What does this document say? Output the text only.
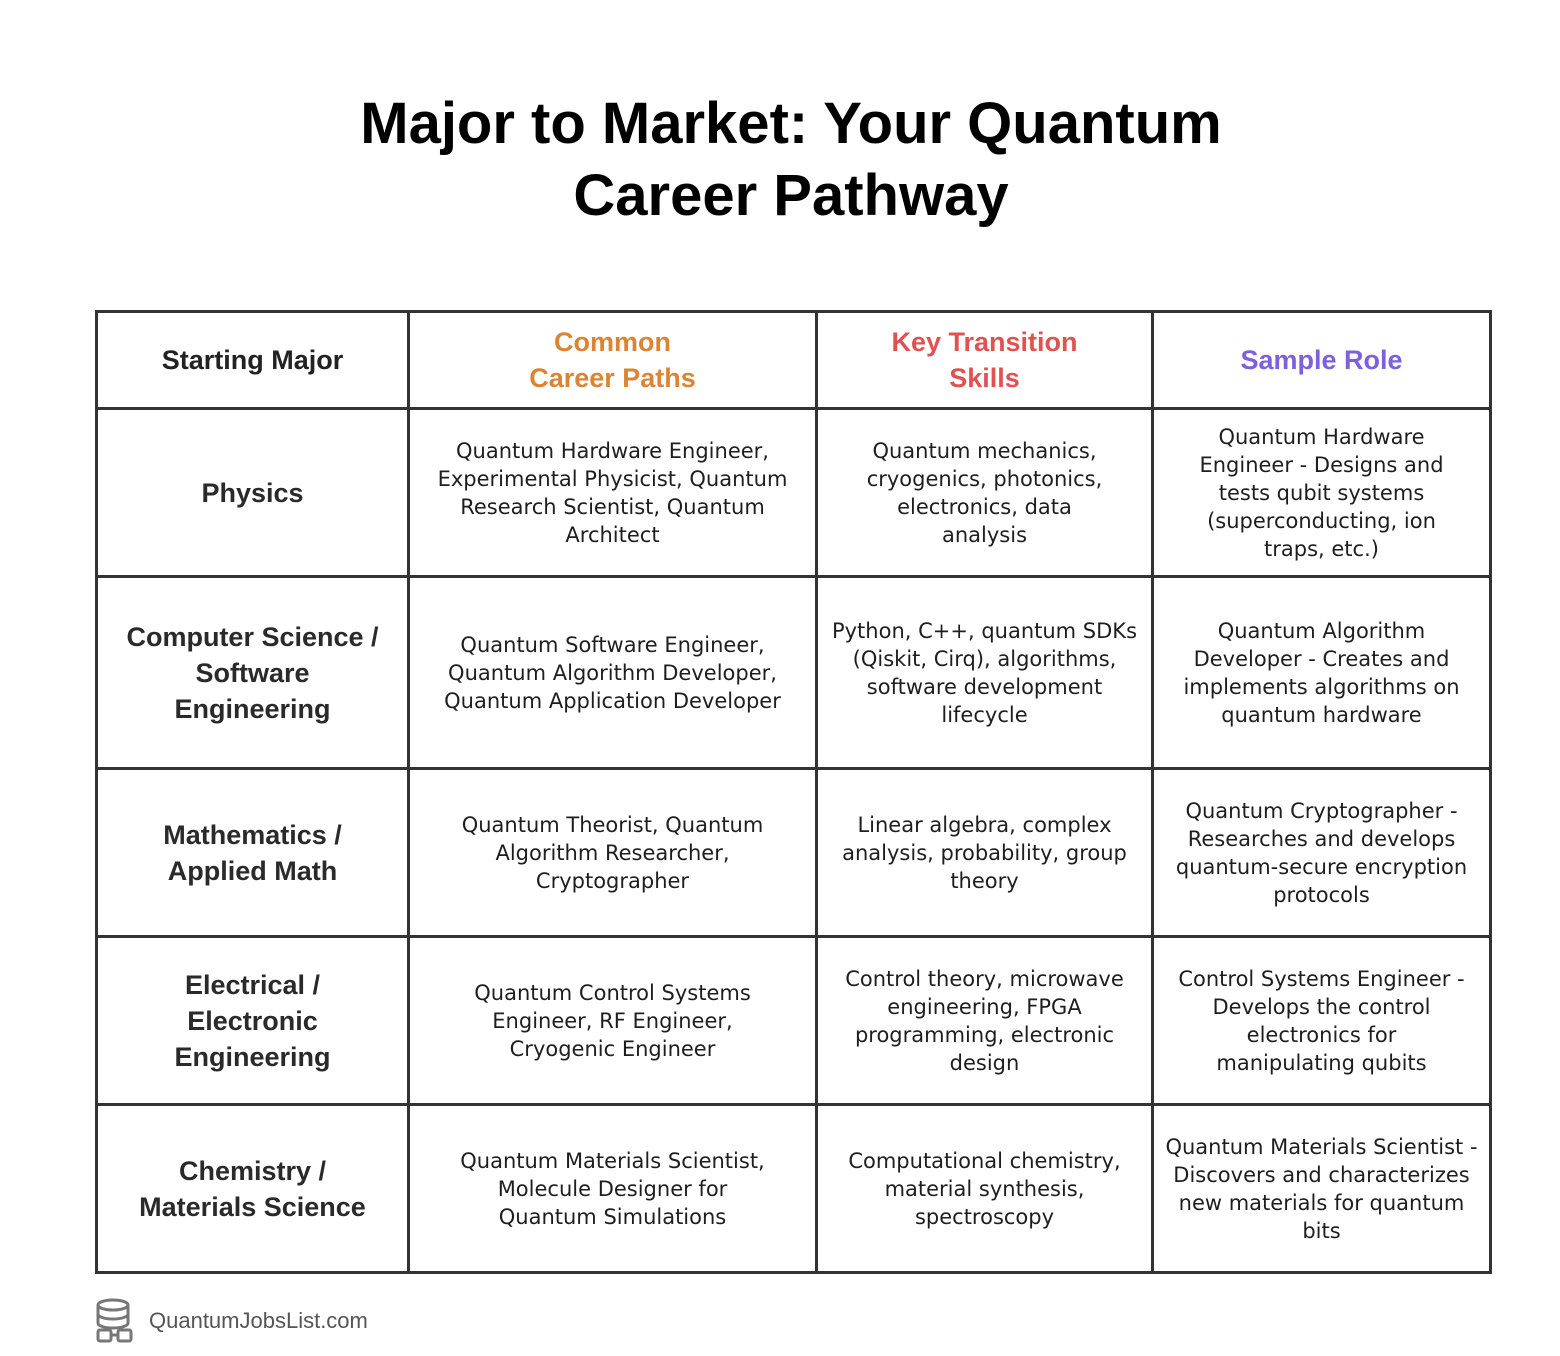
Major to Market: Your Quantum
Career Pathway
Starting Major	Common Career Paths	Key Transition Skills	Sample Role
Physics	Quantum Hardware Engineer, Experimental Physicist, Quantum Research Scientist, Quantum Architect	Quantum mechanics, cryogenics, photonics, electronics, data analysis	Quantum Hardware Engineer - Designs and tests qubit systems (superconducting, ion traps, etc.)

Computer Science / Software Engineering	Quantum Software Engineer, Quantum Algorithm Developer, Quantum Application Developer	Python, C++, quantum SDKs (Qiskit, Cirq), algorithms, software development lifecycle	Quantum Algorithm Developer - Creates and implements algorithms on quantum hardware

Mathematics / Applied Math	Quantum Theorist, Quantum Algorithm Researcher, Cryptographer	Linear algebra, complex analysis, probability, group theory	Quantum Cryptographer - Researches and develops quantum-secure encryption protocols

Electrical / Electronic Engineering	Quantum Control Systems Engineer, RF Engineer, Cryogenic Engineer	Control theory, microwave engineering, FPGA programming, electronic design	Control Systems Engineer - Develops the control electronics for manipulating qubits

Chemistry / Materials Science	Quantum Materials Scientist, Molecule Designer for Quantum Simulations	Computational chemistry, material synthesis, spectroscopy	Quantum Materials Scientist - Discovers and characterizes new materials for quantum bits
QuantumJobsList.com
